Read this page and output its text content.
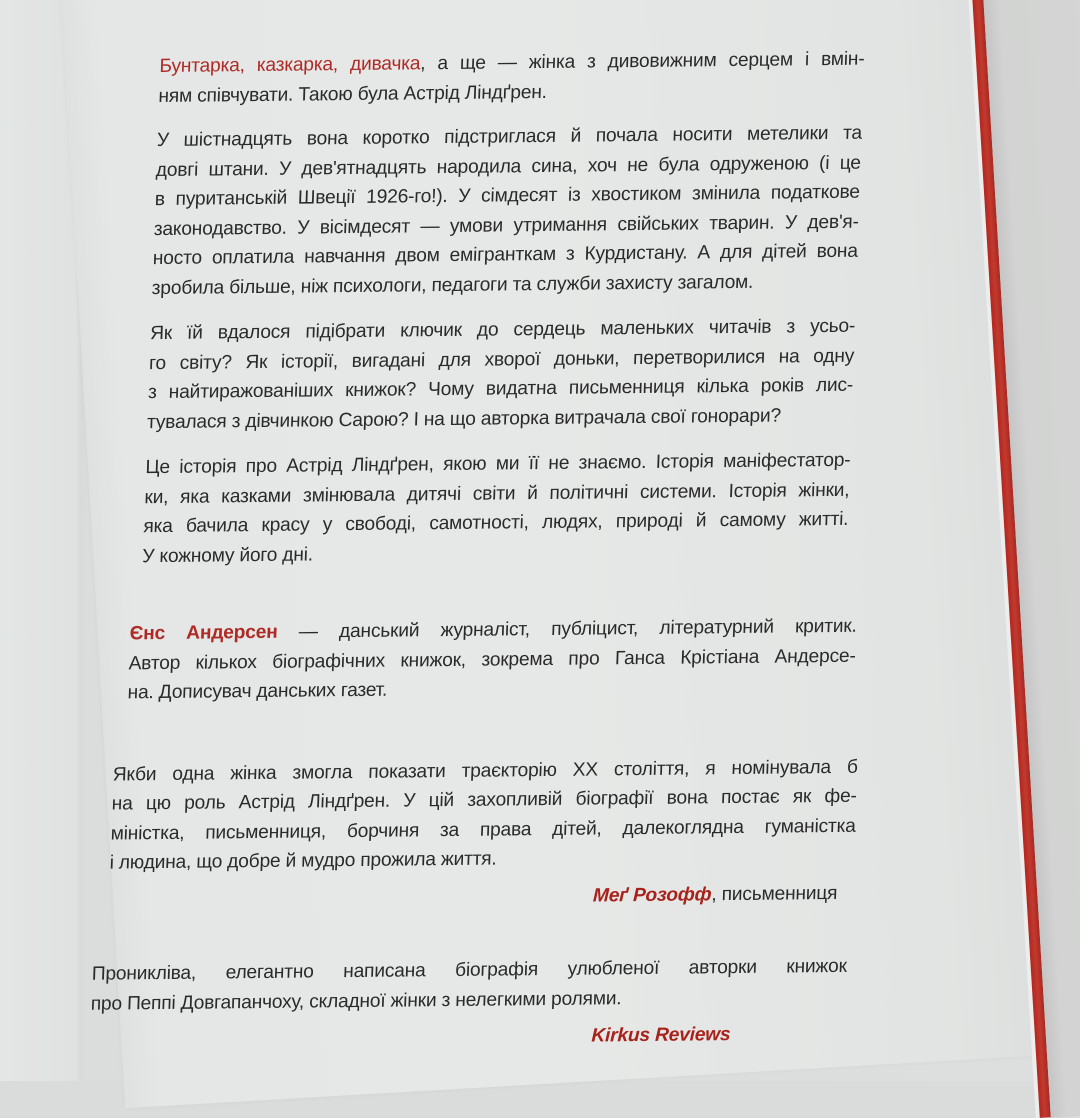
Бунтарка, казкарка, дивачка, а ще — жінка з дивовижним серцем і вмін-
ням співчувати. Такою була Астрід Ліндґрен.

У шістнадцять вона коротко підстриглася й почала носити метелики та
довгі штани. У дев'ятнадцять народила сина, хоч не була одруженою (і це
в пуританській Швеції 1926-го!). У сімдесят із хвостиком змінила податкове
законодавство. У вісімдесят — умови утримання свійських тварин. У дев'я-
носто оплатила навчання двом емігранткам з Курдистану. А для дітей вона
зробила більше, ніж психологи, педагоги та служби захисту загалом.

Як їй вдалося підібрати ключик до сердець маленьких читачів з усьо-
го світу? Як історії, вигадані для хворої доньки, перетворилися на одну
з найтиражованіших книжок? Чому видатна письменниця кілька років лис-
тувалася з дівчинкою Сарою? І на що авторка витрачала свої гонорари?

Це історія про Астрід Ліндґрен, якою ми її не знаємо. Історія маніфестатор-
ки, яка казками змінювала дитячі світи й політичні системи. Історія жінки,
яка бачила красу у свободі, самотності, людях, природі й самому житті.
У кожному його дні.

Єнс Андерсен — данський журналіст, публіцист, літературний критик.
Автор кількох біографічних книжок, зокрема про Ганса Крістіана Андерсе-
на. Дописувач данських газет.

Якби одна жінка змогла показати траєкторію XX століття, я номінувала б
на цю роль Астрід Ліндґрен. У цій захопливій біографії вона постає як фе-
міністка, письменниця, борчиня за права дітей, далекоглядна гуманістка
і людина, що добре й мудро прожила життя.

Меґ Розофф, письменниця

Проникліва, елегантно написана біографія улюбленої авторки книжок
про Пеппі Довгапанчоху, складної жінки з нелегкими ролями.

Kirkus Reviews
